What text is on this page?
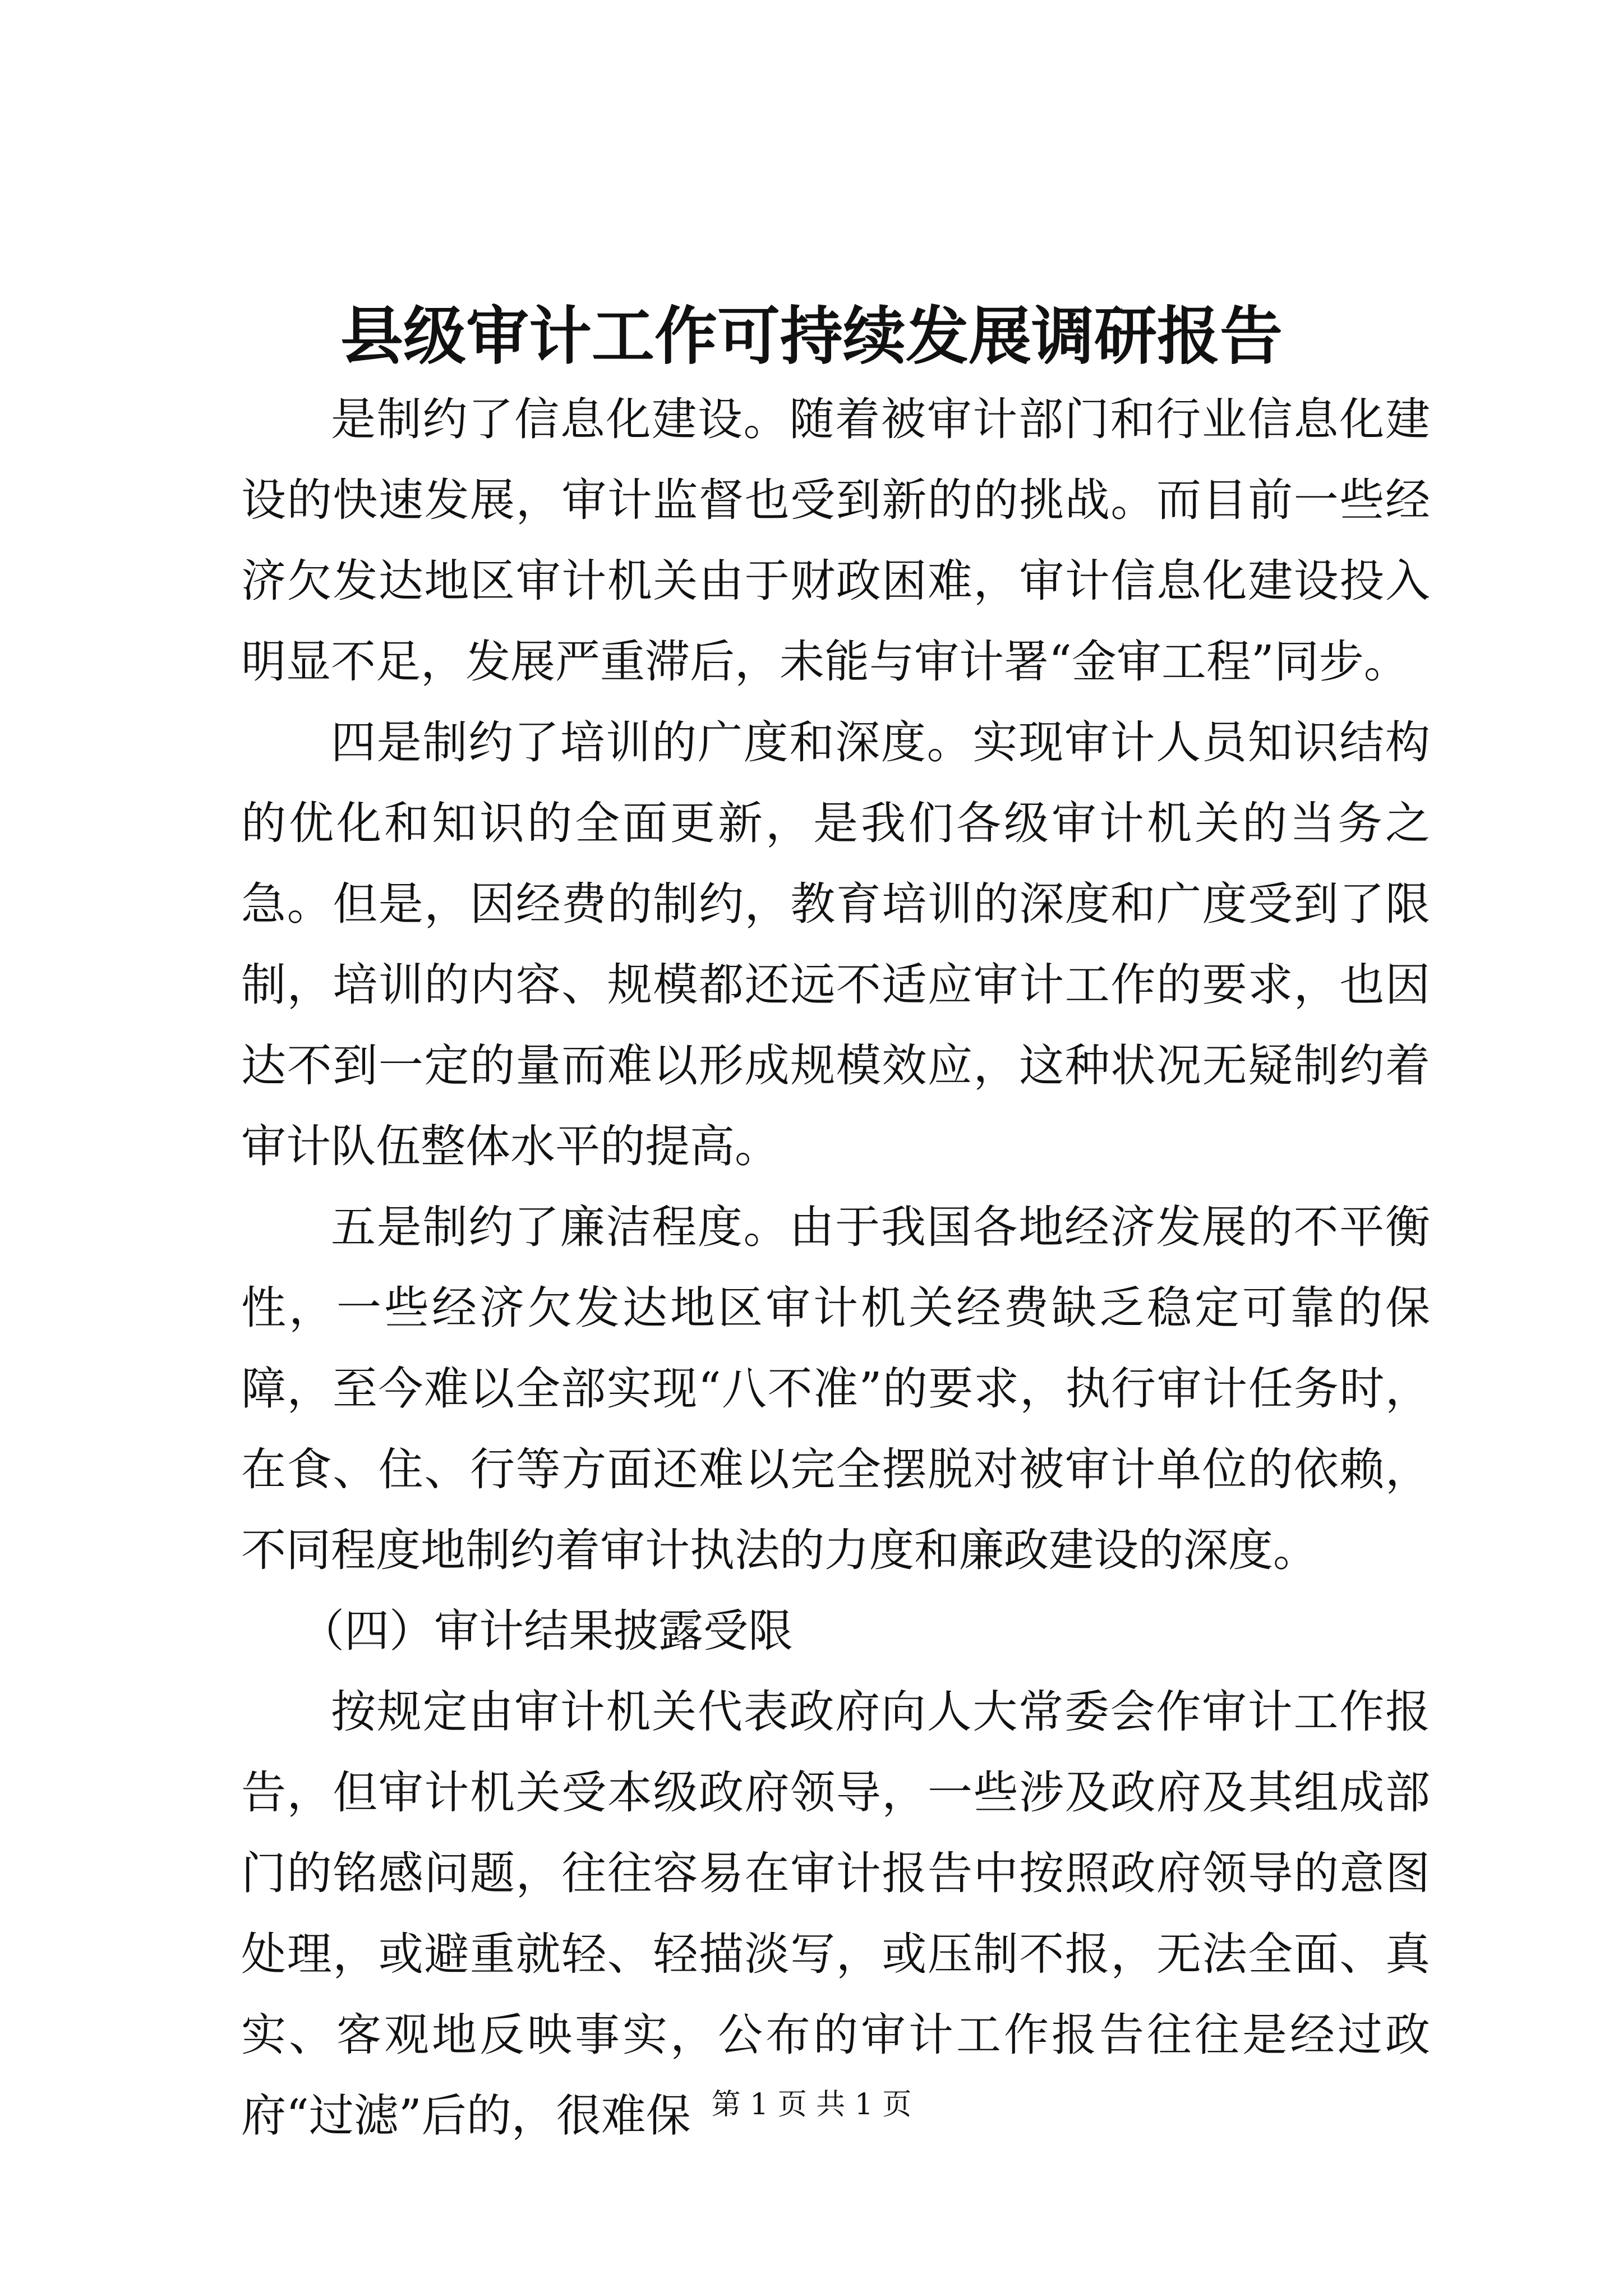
县级审计工作可持续发展调研报告

是制约了信息化建设。随着被审计部门和行业信息化建设的快速发展，审计监督也受到新的的挑战。而目前一些经济欠发达地区审计机关由于财政困难，审计信息化建设投入明显不足，发展严重滞后，未能与审计署“金审工程”同步。

四是制约了培训的广度和深度。实现审计人员知识结构的优化和知识的全面更新，是我们各级审计机关的当务之急。但是，因经费的制约，教育培训的深度和广度受到了限制，培训的内容、规模都还远不适应审计工作的要求，也因达不到一定的量而难以形成规模效应，这种状况无疑制约着审计队伍整体水平的提高。

五是制约了廉洁程度。由于我国各地经济发展的不平衡性，一些经济欠发达地区审计机关经费缺乏稳定可靠的保障，至今难以全部实现“八不准”的要求，执行审计任务时，在食、住、行等方面还难以完全摆脱对被审计单位的依赖，不同程度地制约着审计执法的力度和廉政建设的深度。

（四）审计结果披露受限

按规定由审计机关代表政府向人大常委会作审计工作报告，但审计机关受本级政府领导，一些涉及政府及其组成部门的铭感问题，往往容易在审计报告中按照政府领导的意图处理，或避重就轻、轻描淡写，或压制不报，无法全面、真实、客观地反映事实，公布的审计工作报告往往是经过政府“过滤”后的，很难保 第 1 页 共 1 页
